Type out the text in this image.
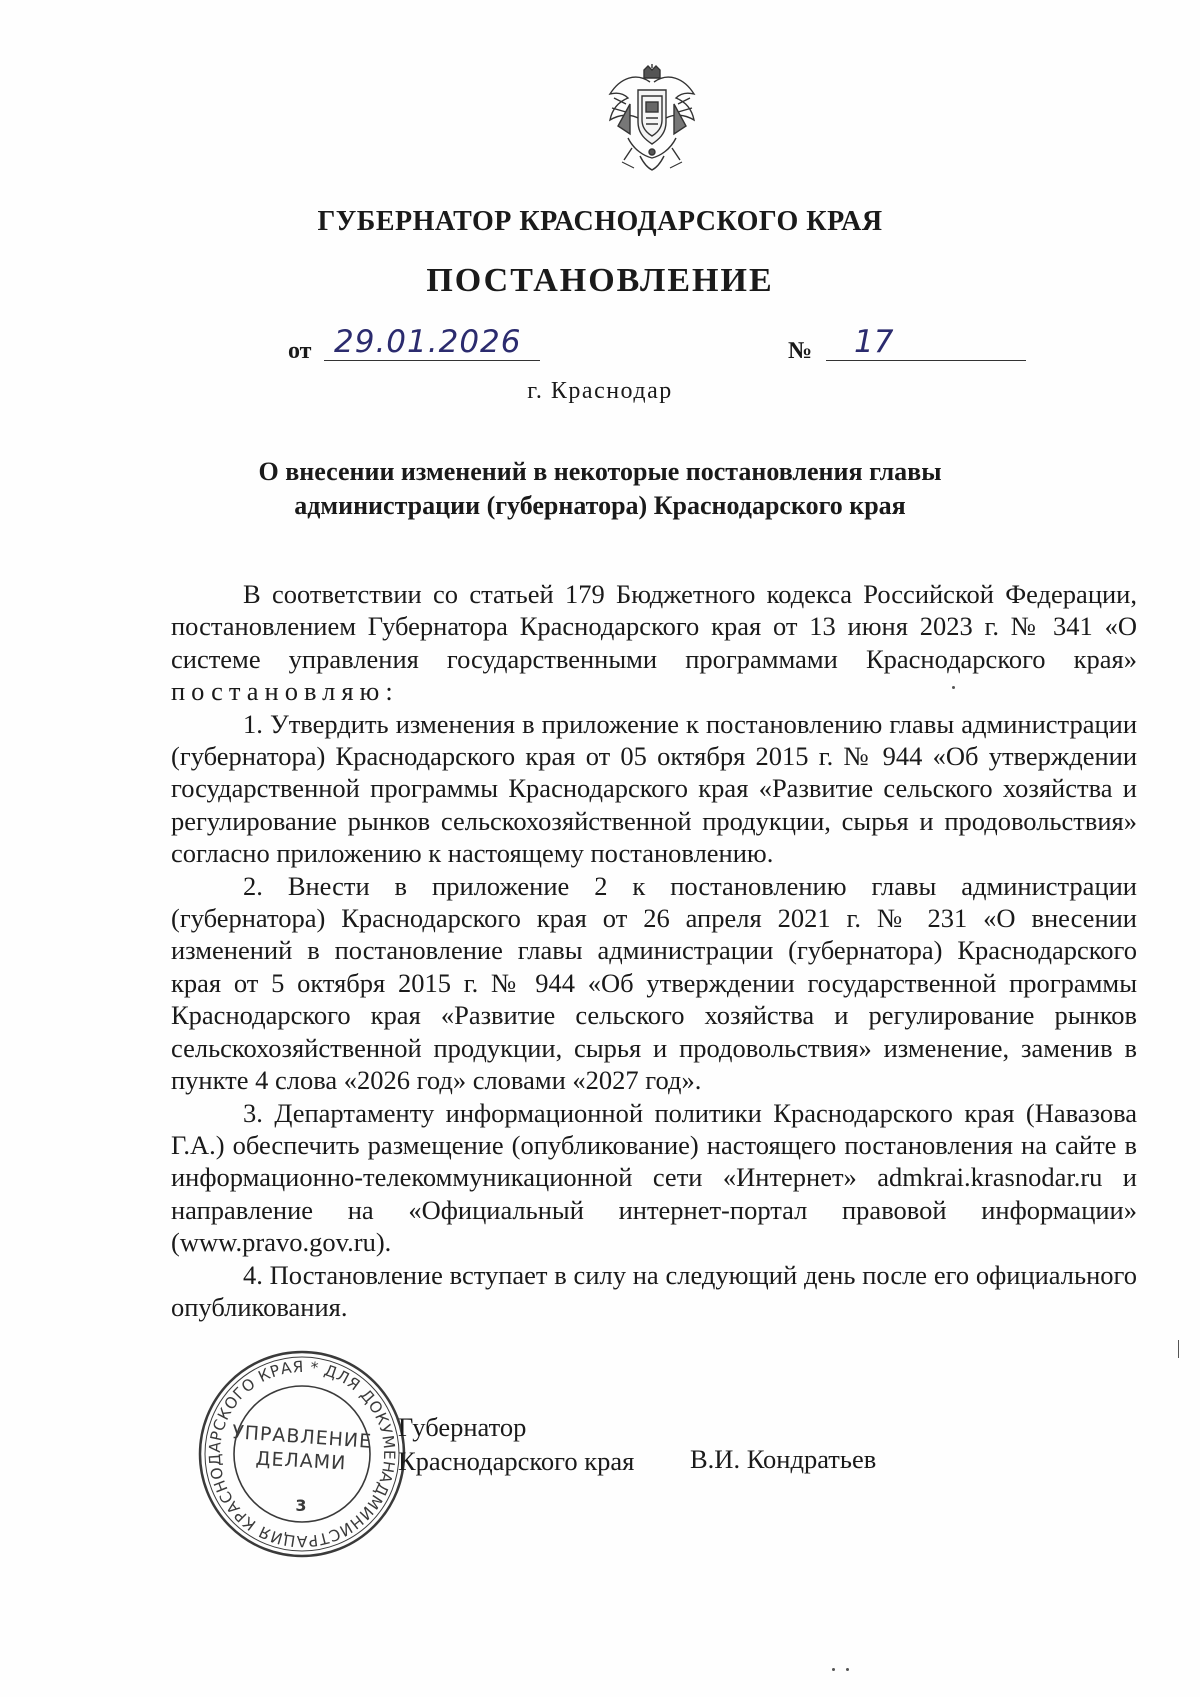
ГУБЕРНАТОР КРАСНОДАРСКОГО КРАЯ
ПОСТАНОВЛЕНИЕ
от 29.01.2026	№	17
г. Краснодар
О внесении изменений в некоторые постановления главы
администрации (губернатора) Краснодарского края

В соответствии со статьей 179 Бюджетного кодекса Российской Федерации, постановлением Губернатора Краснодарского края от 13 июня 2023 г. № 341 «О системе управления государственными программами Краснодарского края» постановляю:

1. Утвердить изменения в приложение к постановлению главы администрации (губернатора) Краснодарского края от 05 октября 2015 г. № 944 «Об утверждении государственной программы Краснодарского края «Развитие сельского хозяйства и регулирование рынков сельскохозяйственной продукции, сырья и продовольствия» согласно приложению к настоящему постановлению.

2. Внести в приложение 2 к постановлению главы администрации (губернатора) Краснодарского края от 26 апреля 2021 г. № 231 «О внесении изменений в постановление главы администрации (губернатора) Краснодарского края от 5 октября 2015 г. № 944 «Об утверждении государственной программы Краснодарского края «Развитие сельского хозяйства и регулирование рынков сельскохозяйственной продукции, сырья и продовольствия» изменение, заменив в пункте 4 слова «2026 год» словами «2027 год».

3. Департаменту информационной политики Краснодарского края (Навазова Г.А.) обеспечить размещение (опубликование) настоящего постановления на сайте в информационно-телекоммуникационной сети «Интернет» admkrai.krasnodar.ru и направление на «Официальный интернет-портал правовой информации» (www.pravo.gov.ru).

4. Постановление вступает в силу на следующий день после его официального опубликования.

АДМИНИСТРАЦИЯ КРАСНОДАРСКОГО КРАЯ * ДЛЯ ДОКУМЕНТОВ
УПРАВЛЕНИЕ
ДЕЛАМИ
3
Губернатор
Краснодарского края В.И. Кондратьев
